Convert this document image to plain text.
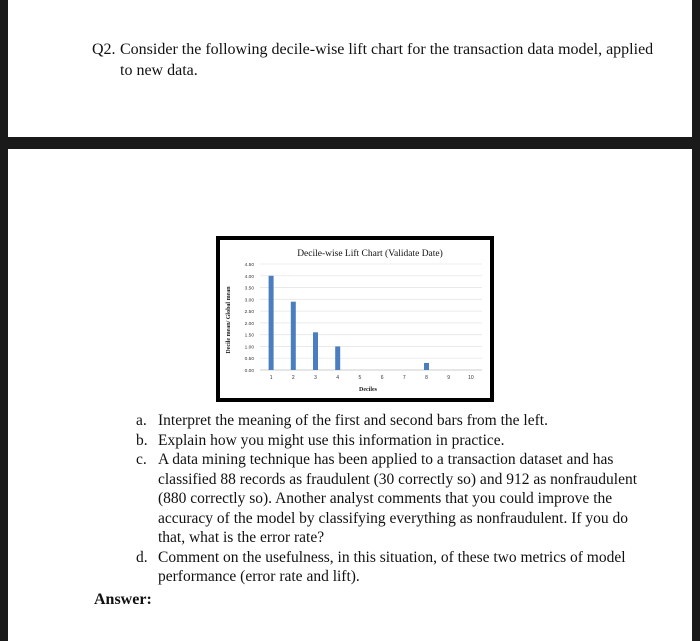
Q2. Consider the following decile-wise lift chart for the transaction data model, applied to new data.
0.00
0.50
1.00
1.50
2.00
2.50
3.00
3.50
4.00
4.50
1	2	3	4	5	6	7	8	9	10
Decile-wise Lift Chart (Validate Date)
Deciles
Decile mean/ Global mean
a. Interpret the meaning of the first and second bars from the left.
b. Explain how you might use this information in practice.
c. A data mining technique has been applied to a transaction dataset and has classified 88 records as fraudulent (30 correctly so) and 912 as nonfraudulent (880 correctly so). Another analyst comments that you could improve the accuracy of the model by classifying everything as nonfraudulent. If you do that, what is the error rate?
d. Comment on the usefulness, in this situation, of these two metrics of model performance (error rate and lift).
Answer:
